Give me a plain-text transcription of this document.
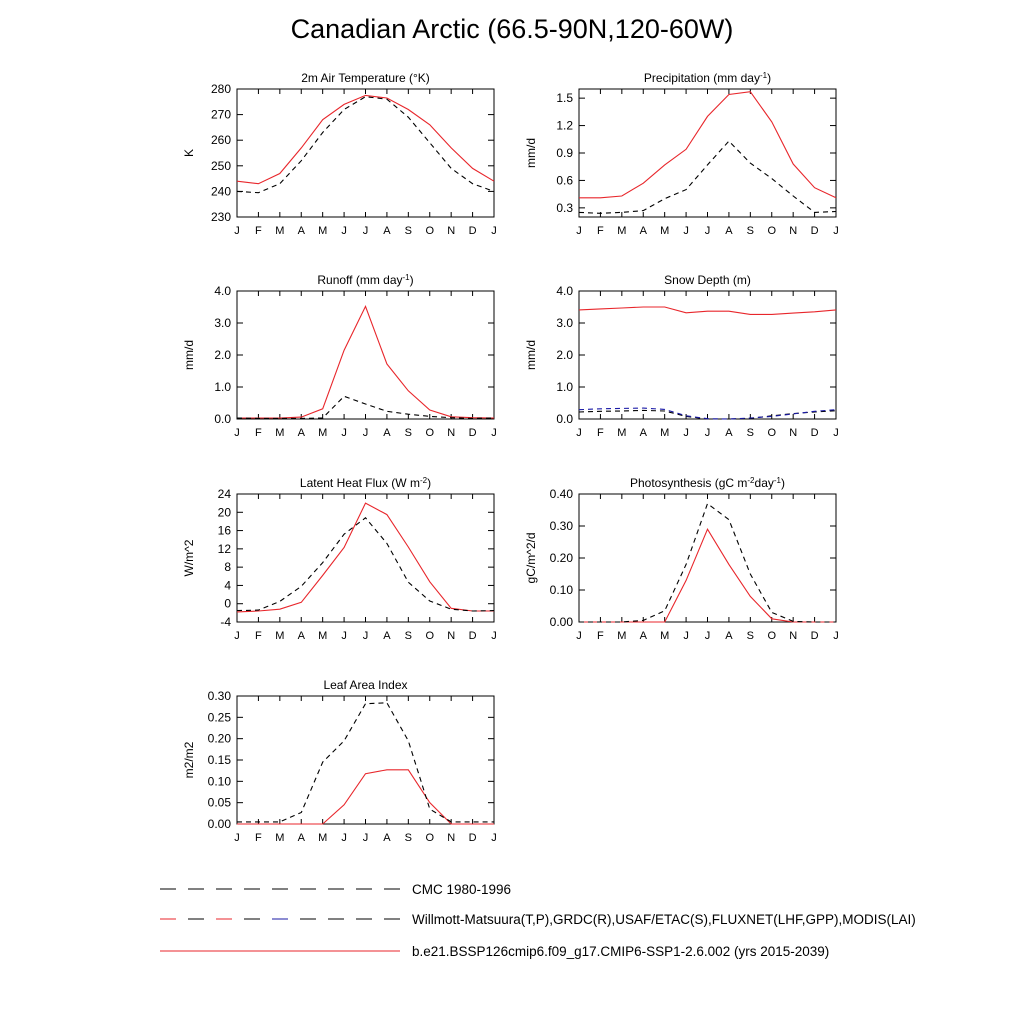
Canadian Arctic (66.5-90N,120-60W)
2m Air Temperature (°K)
K
J F M A M J J A S O N D J
230
240
250
260
270
280
Precipitation (mm day$^{-1}$)
mm/d
J F M A M J J A S O N D J
0.3
0.6
0.9
1.2
1.5
Runoff (mm day$^{-1}$)
mm/d
J F M A M J J A S O N D J
0.0
1.0
2.0
3.0
4.0
Snow Depth (m)
mm/d
J F M A M J J A S O N D J
0.0
1.0
2.0
3.0
4.0
Latent Heat Flux (W $m^{-2}$)
W/m^2
J F M A M J J A S O N D J
-4
0
4
8
12
16
20
24
Photosynthesis (gC $m^{-2}day^{-1}$)
gC/m^2/d
J F M A M J J A S O N D J
0.00
0.10
0.20
0.30
0.40
Leaf Area Index
m2/m2
J F M A M J J A S O N D J
0.00
0.05
0.10
0.15
0.20
0.25
0.30
CMC 1980-1996
Willmott-Matsuura(T,P),GRDC(R),USAF/ETAC(S),FLUXNET(LHF,GPP),MODIS(LAI)
b.e21.BSSP126cmip6.f09_g17.CMIP6-SSP1-2.6.002 (yrs 2015-2039)
